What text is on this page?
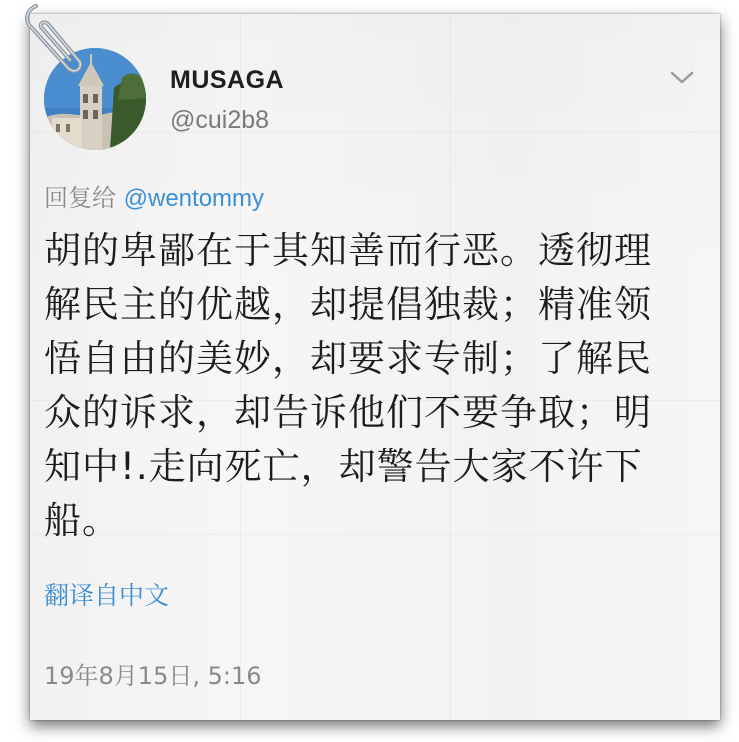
MUSAGA
@cui2b8
回复给 @wentommy
胡的卑鄙在于其知善而行恶。透彻理解民主的优越，却提倡独裁；精准领悟自由的美妙，却要求专制；了解民众的诉求，却告诉他们不要争取；明知中!.走向死亡，却警告大家不许下船。
翻译自中文
19年8月15日, 5:16
